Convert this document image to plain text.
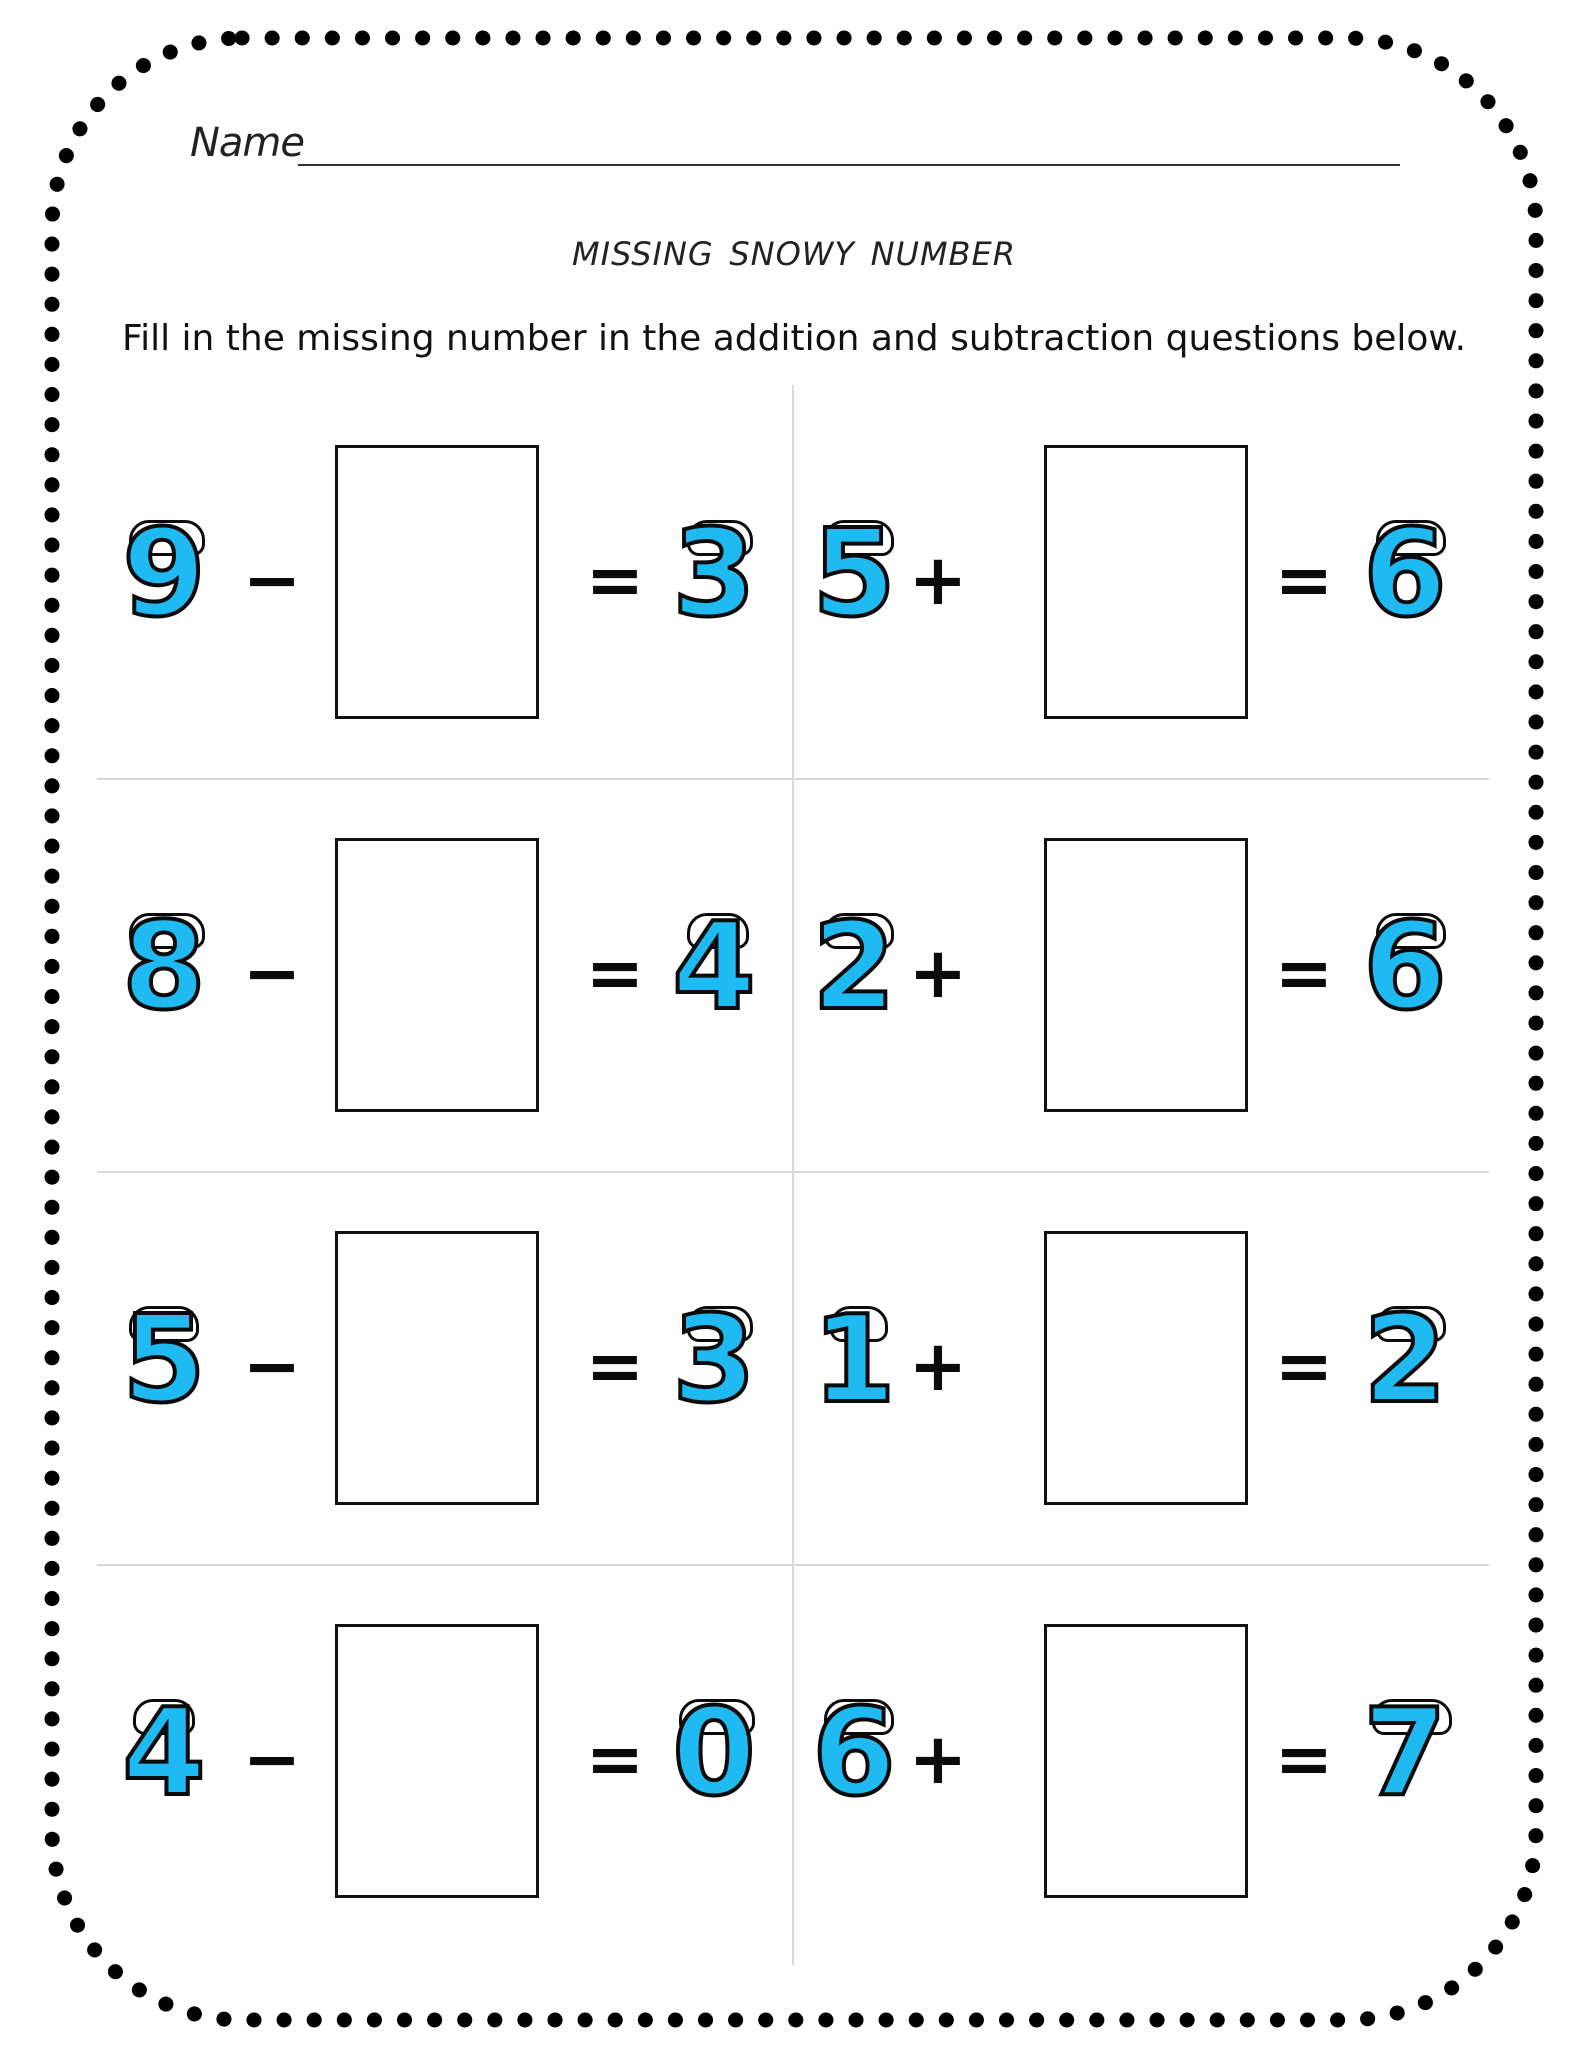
Name
missing snowy number
Fill in the missing number in the addition and subtraction questions below.
9 −	= 3 5 +	= 6
8 −	= 4 2 +	= 6
5 −	= 3 1 +	= 2
4 −	= 0 6 +	= 7
